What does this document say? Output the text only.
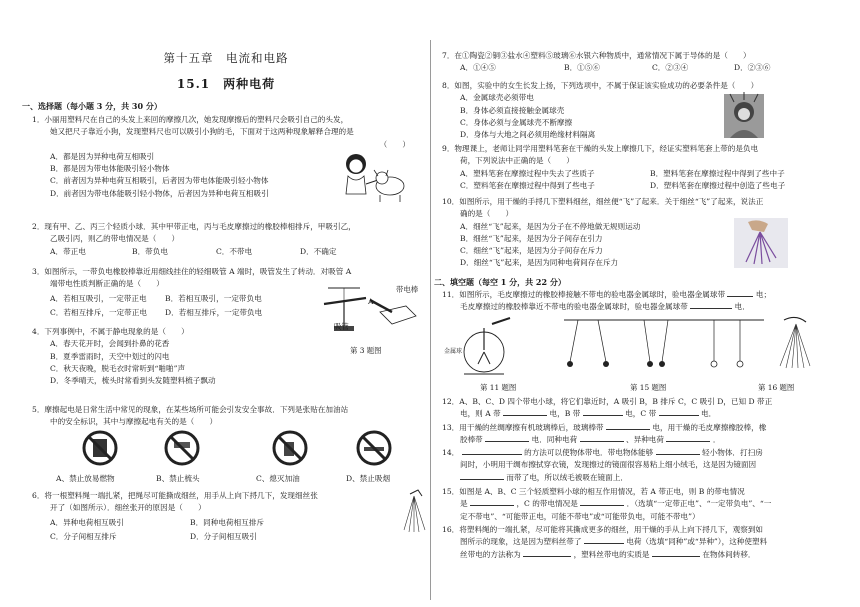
第十五章　电流和电路
15.1　两种电荷
一、选择题（每小题 3 分，共 30 分）
1．小丽用塑料尺在自己的头发上来回的摩擦几次，她发现摩擦后的塑料尺会吸引自己的头发，
她又把尺子靠近小狗，发现塑料尺也可以吸引小狗的毛，下面对于这两种现象解释合理的是
（　　）
A．都是因为异种电荷互相吸引
B．都是因为带电体能吸引轻小物体
C．前者因为异种电荷互相吸引，后者因为带电体能吸引轻小物体
D．前者因为带电体能吸引轻小物体，后者因为异种电荷互相吸引
2．现有甲、乙、丙三个轻质小球．其中甲带正电，丙与毛皮摩擦过的橡胶棒相排斥，甲吸引乙，
乙吸引丙，则乙的带电情况是（　　）
A．带正电	B．带负电	C．不带电	D．不确定
3．如图所示，一带负电橡胶棒靠近用细线挂住的轻细吸管 A 端时，吸管发生了转动．对吸管 A
端带电性质判断正确的是（　　）
A．若相互吸引，一定带正电	B．若相互吸引，一定带负电
C．若相互排斥，一定带正电	D．若相互排斥，一定带负电
带电棒
吸管
A
第 3 题图
4．下列事例中，不属于静电现象的是（　　）
A．春天花开时，会闻到扑鼻的花香
B．夏季雷雨时，天空中划过的闪电
C．秋天夜晚，脱毛衣时常听到“啪啪”声
D．冬季晴天，梳头时常看到头发随塑料梳子飘动
5．摩擦起电是日常生活中常见的现象，在某些场所可能会引发安全事故．下列是张贴在加油站
中的安全标识，其中与摩擦起电有关的是（　　）
A、禁止放易燃物	B、禁止梳头	C、熄灭加油	D、禁止吸烟
6．将一根塑料绳一端扎紧，把绳尽可能撕成细丝，用手从上向下捋几下，发现细丝张
开了（如图所示）．细丝张开的原因是（　　）
A．异种电荷相互吸引	B．同种电荷相互排斥
C．分子间相互排斥	D．分子间相互吸引
7．在①陶瓷②铜③盐水④塑料⑤玻璃⑥水银六种物质中，通常情况下属于导体的是（　　）
A．①④⑤	B．①⑤⑥	C．②③④	D．②③⑥
8．如图，实验中的女生长发上扬，下列选项中，不属于保证该实验成功的必要条件是（　　）
A．金属球壳必须带电
B．身体必须直接接触金属球壳
C．身体必须与金属球壳不断摩擦
D．身体与大地之间必须用绝缘材料隔离
9．物理课上，老师让同学用塑料笔套在干燥的头发上摩擦几下，经证实塑料笔套上带的是负电
荷，下列说法中正确的是（　　）
A．塑料笔套在摩擦过程中失去了些质子	B．塑料笔套在摩擦过程中得到了些中子
C．塑料笔套在摩擦过程中得到了些电子	D．塑料笔套在摩擦过程中创造了些电子
10．如图所示，用干燥的手捋几下塑料细丝，细丝便“飞”了起来．关于细丝“飞”了起来，说法正
确的是（　　）
A．细丝“飞”起来，是因为分子在不停地做无规则运动
B．细丝“飞”起来，是因为分子间存在引力
C．细丝“飞”起来，是因为分子间存在斥力
D．细丝“飞”起来，是因为同种电荷间存在斥力
二、填空题（每空 1 分，共 22 分）
11．如图所示，毛皮摩擦过的橡胶棒接触不带电的验电器金属球时，验电器金属球带	电；
毛皮摩擦过的橡胶棒靠近不带电的验电器金属球时，验电器金属球带	电．
金属球
第 11 题图	第 15 题图	第 16 题图
12．A、B、C、D 四个带电小球，将它们靠近时，A 吸引 B，B 排斥 C，C 吸引 D，已知 D 带正
电，则 A 带	电，B 带	电，C 带	电．
13．用干燥的丝绸摩擦有机玻璃棒后，玻璃棒带	电，用干燥的毛皮摩擦橡胶棒，橡
胶棒带	电．同种电荷	、异种电荷	．
14．	的方法可以使物体带电．带电物体能够	轻小物体．打扫房
间时，小明用干绸布擦拭穿衣镜，发现擦过的镜面很容易粘上细小绒毛，这是因为镜面因
而带了电，所以绒毛被吸在镜面上．
15．如图是 A、B、C 三个轻质塑料小球的相互作用情况，若 A 带正电，则 B 的带电情况
是	，C 的带电情况是	．（选填“一定带正电”、“一定带负电”、“一
定不带电”、“可能带正电，可能不带电”或“可能带负电，可能不带电”）
16．将塑料绳的一端扎紧，尽可能将其撕成更多的细丝，用干燥的手从上向下捋几下，观察到如
图所示的现象，这是因为塑料丝带了	电荷（选填“同种”或“异种”），这种使塑料
丝带电的方法称为	，塑料丝带电的实质是	在物体间转移．
